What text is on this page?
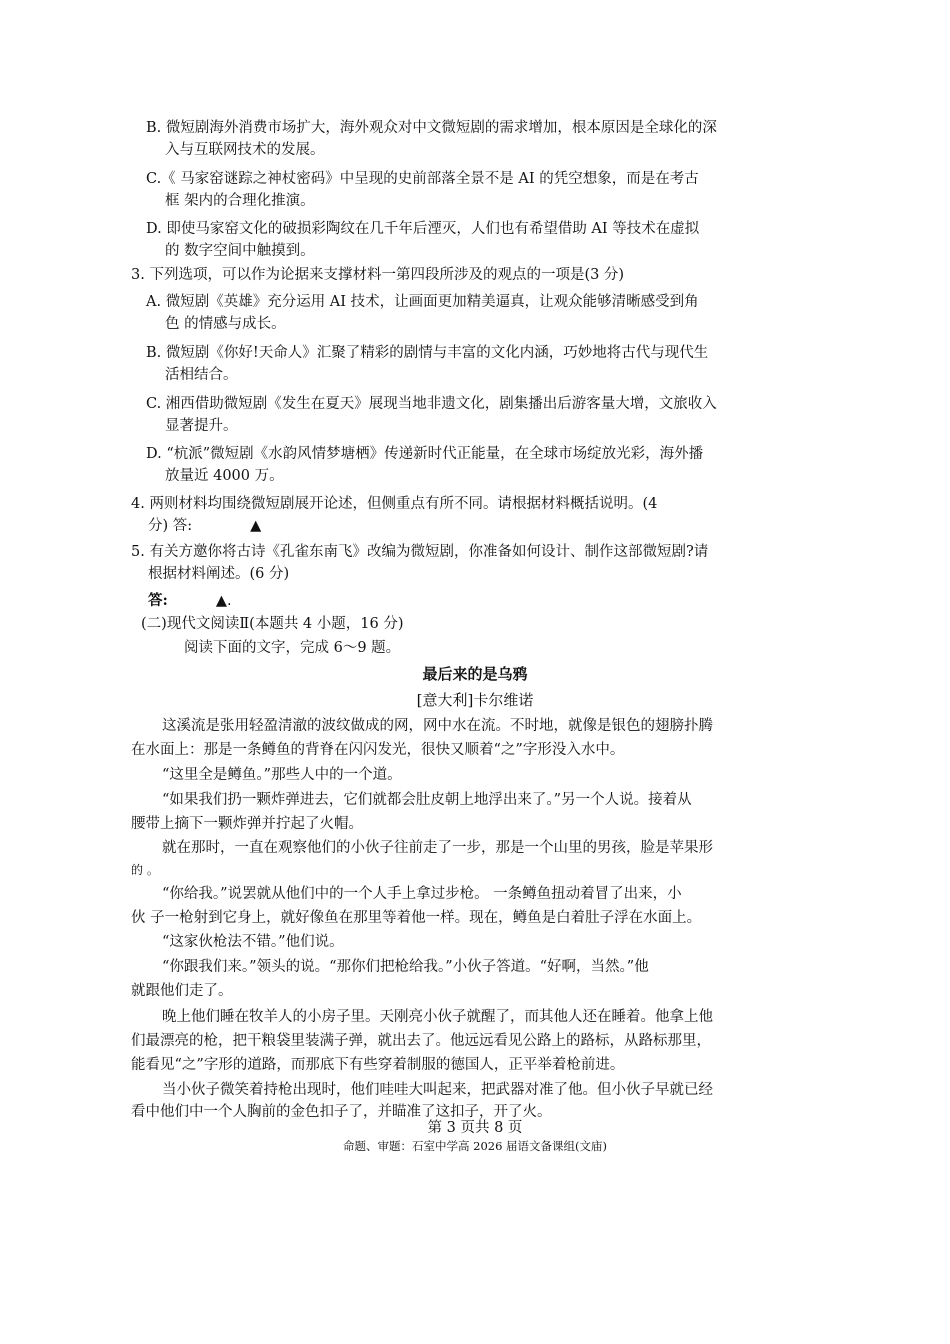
B. 微短剧海外消费市场扩大，海外观众对中文微短剧的需求增加，根本原因是全球化的深
入与互联网技术的发展。
C.《 马家窑谜踪之神杖密码》中呈现的史前部落全景不是 AI 的凭空想象，而是在考古
框 架内的合理化推演。
D. 即使马家窑文化的破损彩陶纹在几千年后湮灭，人们也有希望借助 AI 等技术在虚拟
的 数字空间中触摸到。
3. 下列选项，可以作为论据来支撑材料一第四段所涉及的观点的一项是(3 分)
A. 微短剧《英雄》充分运用 AI 技术，让画面更加精美逼真，让观众能够清晰感受到角
色 的情感与成长。
B. 微短剧《你好!天命人》汇聚了精彩的剧情与丰富的文化内涵，巧妙地将古代与现代生
活相结合。
C. 湘西借助微短剧《发生在夏天》展现当地非遗文化，剧集播出后游客量大增，文旅收入
显著提升。
D. “杭派”微短剧《水韵风情梦塘栖》传递新时代正能量，在全球市场绽放光彩，海外播
放量近 4000 万。
4. 两则材料均围绕微短剧展开论述，但侧重点有所不同。请根据材料概括说明。(4
分) 答:	▲
5. 有关方邀你将古诗《孔雀东南飞》改编为微短剧，你准备如何设计、制作这部微短剧?请
根据材料阐述。(6 分)
答:	▲.
(二)现代文阅读Ⅱ(本题共 4 小题，16 分)
阅读下面的文字，完成 6～9 题。
最后来的是乌鸦
[意大利]卡尔维诺
这溪流是张用轻盈清澈的波纹做成的网，网中水在流。不时地，就像是银色的翅膀扑腾
在水面上：那是一条鳟鱼的背脊在闪闪发光，很快又顺着“之”字形没入水中。
“这里全是鳟鱼。”那些人中的一个道。
“如果我们扔一颗炸弹进去，它们就都会肚皮朝上地浮出来了。”另一个人说。接着从
腰带上摘下一颗炸弹并拧起了火帽。
就在那时，一直在观察他们的小伙子往前走了一步，那是一个山里的男孩，脸是苹果形
的 。
“你给我。”说罢就从他们中的一个人手上拿过步枪。 一条鳟鱼扭动着冒了出来，小
伙 子一枪射到它身上，就好像鱼在那里等着他一样。现在，鳟鱼是白着肚子浮在水面上。
“这家伙枪法不错。”他们说。
“你跟我们来。”领头的说。“那你们把枪给我。”小伙子答道。“好啊，当然。”他
就跟他们走了。
晚上他们睡在牧羊人的小房子里。天刚亮小伙子就醒了，而其他人还在睡着。他拿上他
们最漂亮的枪，把干粮袋里装满子弹，就出去了。他远远看见公路上的路标，从路标那里，
能看见“之”字形的道路，而那底下有些穿着制服的德国人，正平举着枪前进。
当小伙子微笑着持枪出现时，他们哇哇大叫起来，把武器对准了他。但小伙子早就已经
看中他们中一个人胸前的金色扣子了，并瞄准了这扣子，开了火。
第 3 页共 8 页
命题、审题：石室中学高 2026 届语文备课组(文庙)
